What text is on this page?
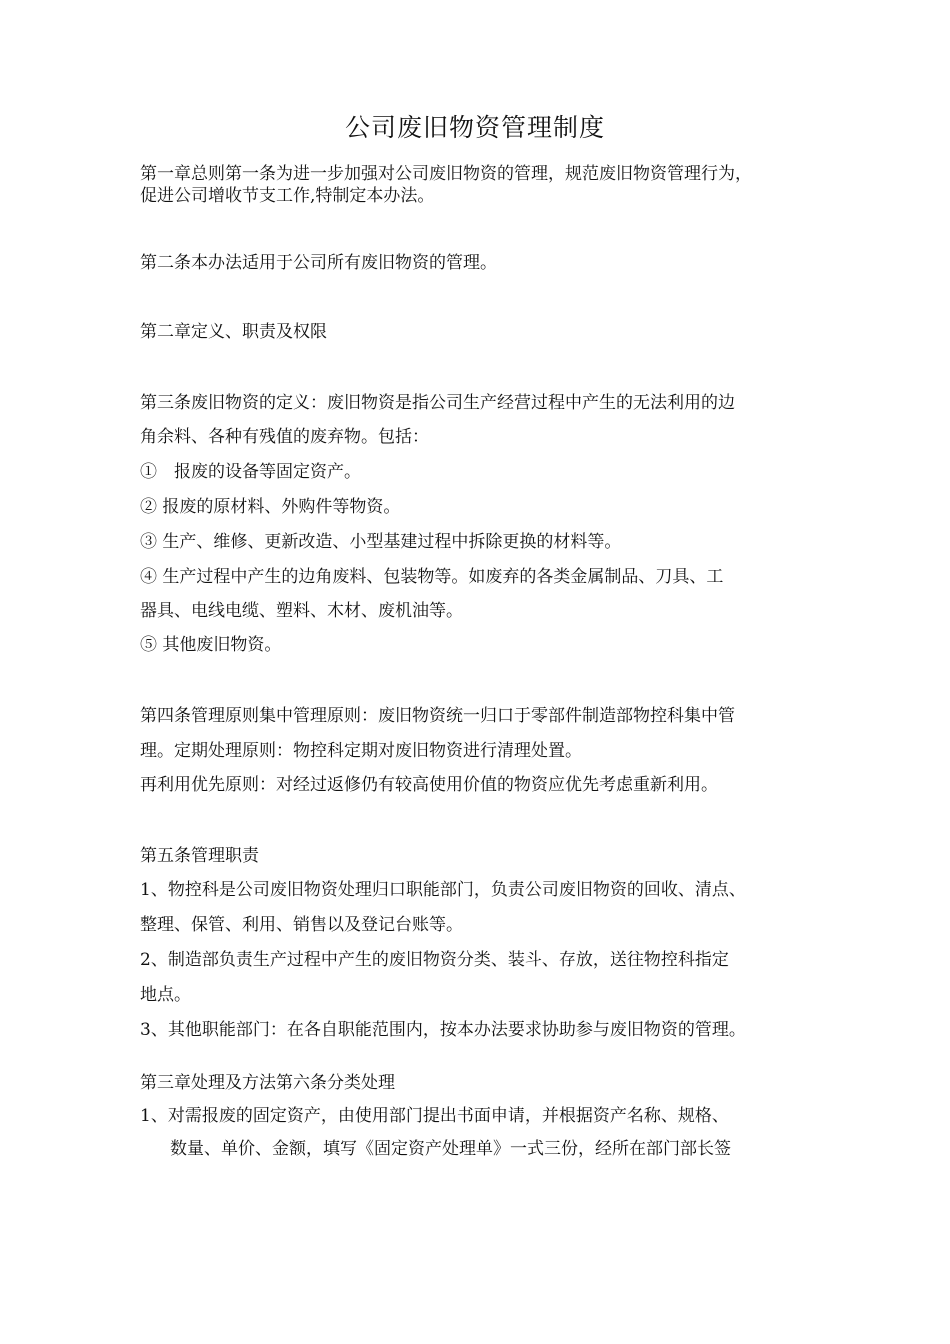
公司废旧物资管理制度
第一章总则第一条为进一步加强对公司废旧物资的管理，规范废旧物资管理行为，
促进公司增收节支工作,特制定本办法。
第二条本办法适用于公司所有废旧物资的管理。
第二章定义、职责及权限
第三条废旧物资的定义：废旧物资是指公司生产经营过程中产生的无法利用的边
角余料、各种有残值的废弃物。包括：
①　报废的设备等固定资产。
② 报废的原材料、外购件等物资。
③ 生产、维修、更新改造、小型基建过程中拆除更换的材料等。
④ 生产过程中产生的边角废料、包装物等。如废弃的各类金属制品、刀具、工
器具、电线电缆、塑料、木材、废机油等。
⑤ 其他废旧物资。
第四条管理原则集中管理原则：废旧物资统一归口于零部件制造部物控科集中管
理。定期处理原则：物控科定期对废旧物资进行清理处置。
再利用优先原则：对经过返修仍有较高使用价值的物资应优先考虑重新利用。
第五条管理职责
1、物控科是公司废旧物资处理归口职能部门，负责公司废旧物资的回收、清点、
整理、保管、利用、销售以及登记台账等。
2、制造部负责生产过程中产生的废旧物资分类、装斗、存放，送往物控科指定
地点。
3、其他职能部门：在各自职能范围内，按本办法要求协助参与废旧物资的管理。
第三章处理及方法第六条分类处理
1、对需报废的固定资产，由使用部门提出书面申请，并根据资产名称、规格、
数量、单价、金额，填写《固定资产处理单》一式三份，经所在部门部长签
